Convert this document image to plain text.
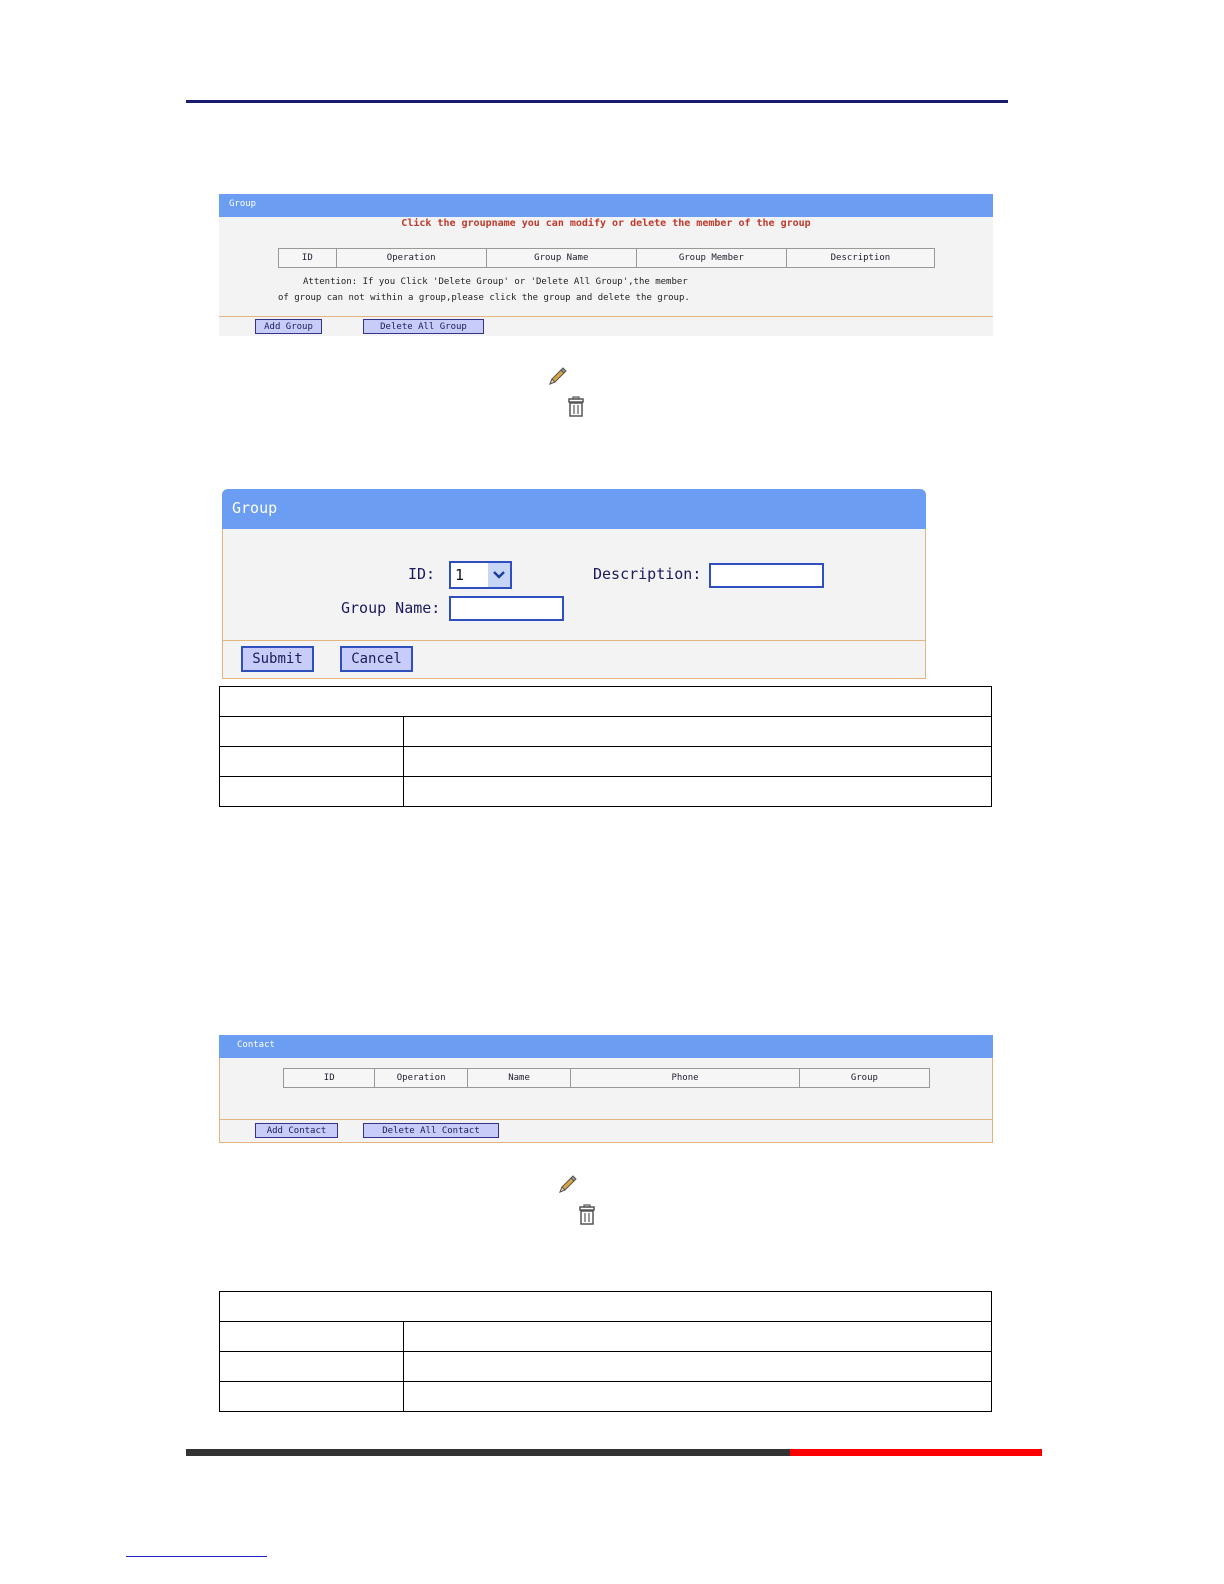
Group
Click the groupname you can modify or delete the member of the group
ID	Operation	Group Name	Group Member	Description
Attention: If you Click 'Delete Group' or 'Delete All Group',the member
of group can not within a group,please click the group and delete the group.
Add Group	Delete All Group
Group
ID: 1	Description:
Group Name:
Submit	Cancel

Contact
ID	Operation	Name	Phone	Group
Add Contact	Delete All Contact
